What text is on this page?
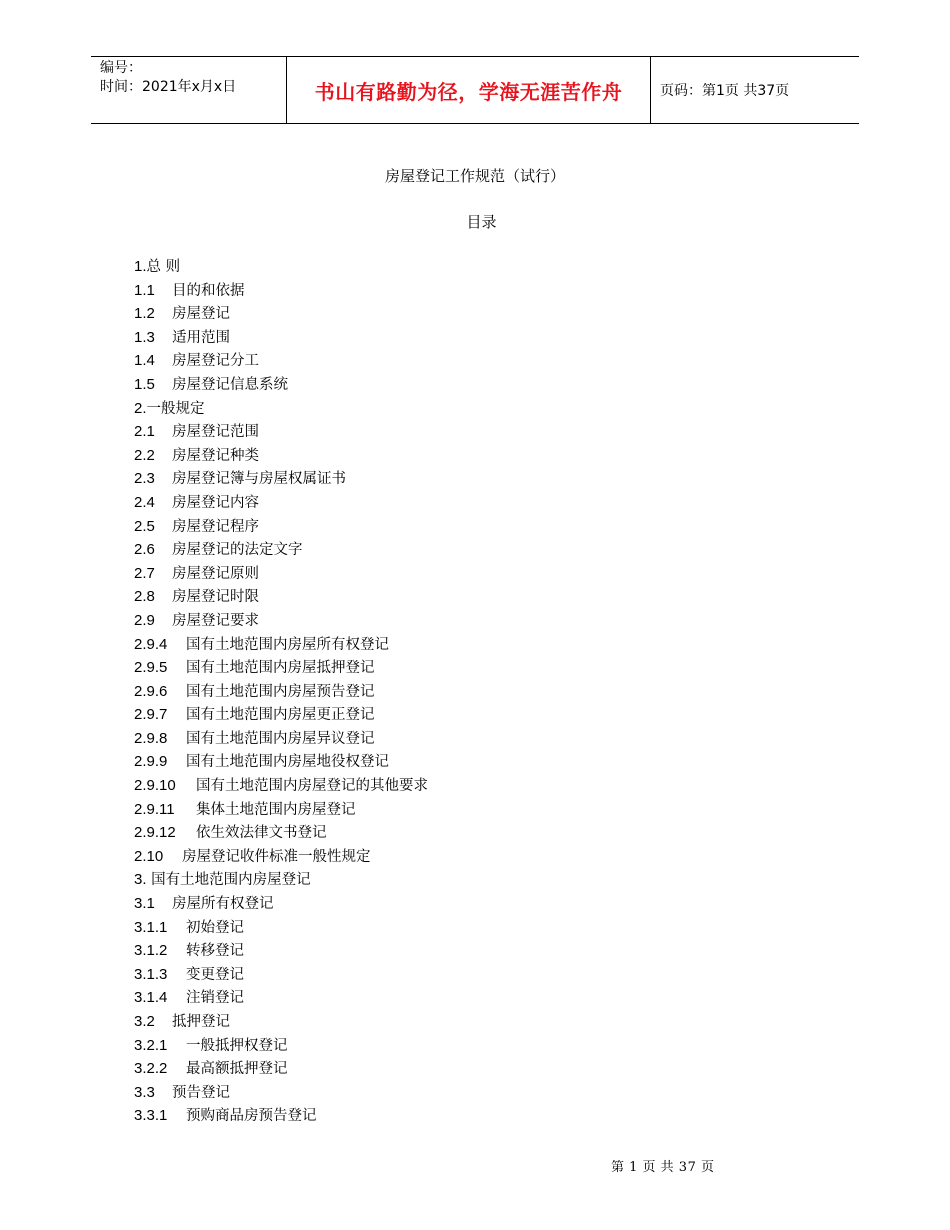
编号：
时间：2021年x月x日	书山有路勤为径，学海无涯苦作舟	页码：第1页 共37页
房屋登记工作规范（试行）
目录
1.总 则
1.1 目的和依据
1.2 房屋登记
1.3 适用范围
1.4 房屋登记分工
1.5 房屋登记信息系统
2.一般规定
2.1 房屋登记范围
2.2 房屋登记种类
2.3 房屋登记簿与房屋权属证书
2.4 房屋登记内容
2.5 房屋登记程序
2.6 房屋登记的法定文字
2.7 房屋登记原则
2.8 房屋登记时限
2.9 房屋登记要求
2.9.4 国有土地范围内房屋所有权登记
2.9.5 国有土地范围内房屋抵押登记
2.9.6 国有土地范围内房屋预告登记
2.9.7 国有土地范围内房屋更正登记
2.9.8 国有土地范围内房屋异议登记
2.9.9 国有土地范围内房屋地役权登记
2.9.10 国有土地范围内房屋登记的其他要求
2.9.11 集体土地范围内房屋登记
2.9.12 依生效法律文书登记
2.10 房屋登记收件标准一般性规定
3. 国有土地范围内房屋登记
3.1 房屋所有权登记
3.1.1 初始登记
3.1.2 转移登记
3.1.3 变更登记
3.1.4 注销登记
3.2 抵押登记
3.2.1 一般抵押权登记
3.2.2 最高额抵押登记
3.3 预告登记
3.3.1 预购商品房预告登记
第 1 页 共 37 页
